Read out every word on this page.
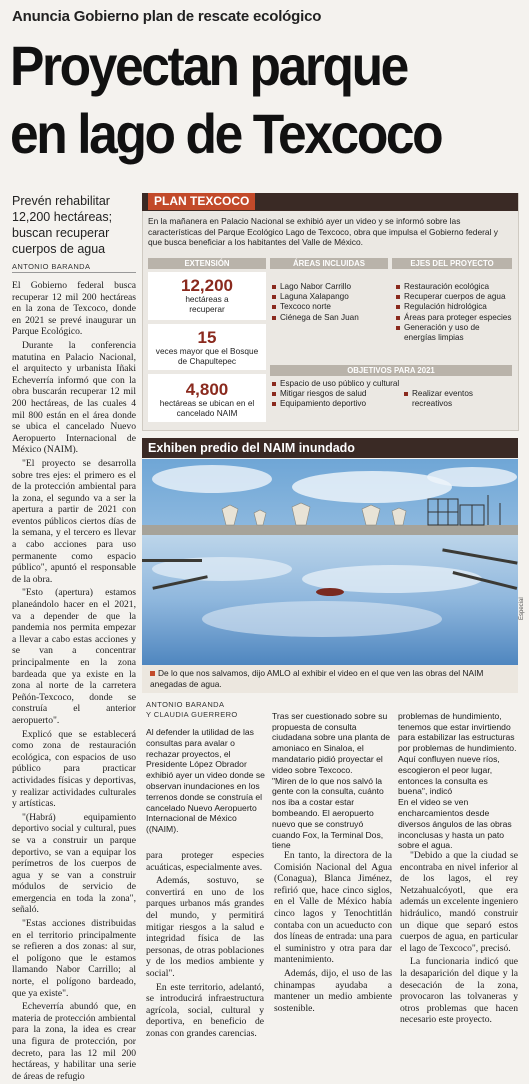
Anuncia Gobierno plan de rescate ecológico
Proyectan parque
en lago de Texcoco
Prevén rehabilitar 12,200 hectáreas; buscan recuperar cuerpos de agua
ANTONIO BARANDA

El Gobierno federal busca recuperar 12 mil 200 hectáreas en la zona de Texcoco, donde en 2021 se prevé inaugurar un Parque Ecológico.

Durante la conferencia matutina en Palacio Nacional, el arquitecto y urbanista Iñaki Echeverría informó que con la obra buscarán recuperar 12 mil 200 hectáreas, de las cuales 4 mil 800 están en el área donde se ubica el cancelado Nuevo Aeropuerto Internacional de México (NAIM).

"El proyecto se desarrolla sobre tres ejes: el primero es el de la protección ambiental para la zona, el segundo va a ser la apertura a partir de 2021 con eventos públicos ciertos días de la semana, y el tercero es llevar a cabo acciones para uso permanente como espacio público", apuntó el responsable de la obra.

"Esto (apertura) estamos planeándolo hacer en el 2021, va a depender de que la pandemia nos permita empezar a llevar a cabo estas acciones y se van a concentrar principalmente en la zona bardeada que ya existe en la zona al norte de la carretera Peñón-Texcoco, donde se construía el anterior aeropuerto".

Explicó que se establecerá como zona de restauración ecológica, con espacios de uso público para practicar actividades físicas y deportivas, y realizar actividades culturales y artísticas.

"(Habrá) equipamiento deportivo social y cultural, pues se va a construir un parque deportivo, se van a equipar los perímetros de los cuerpos de agua y se van a construir módulos de servicio de emergencia en toda la zona", señaló.

"Estas acciones distribuidas en el territorio principalmente se refieren a dos zonas: al sur, el polígono que le estamos llamando Nabor Carrillo; al norte, el polígono bardeado, que ya existe".

Echeverría abundó que, en materia de protección ambiental para la zona, la idea es crear una figura de protección, por decreto, para las 12 mil 200 hectáreas, y habilitar una serie de áreas de refugio

PLAN TEXCOCO
En la mañanera en Palacio Nacional se exhibió ayer un video y se informó sobre las características del Parque Ecológico Lago de Texcoco, obra que impulsa el Gobierno federal y que busca beneficiar a los habitantes del Valle de México.
EXTENSIÓN	ÁREAS INCLUIDAS	EJES DEL PROYECTO
12,200
hectáreas a recuperar
15
veces mayor que el Bosque de Chapultepec
4,800
hectáreas se ubican en el cancelado NAIM
Lago Nabor Carrillo
Laguna Xalapango
Texcoco norte
Ciénega de San Juan
Restauración ecológica
Recuperar cuerpos de agua
Regulación hidrológica
Áreas para proteger especies
Generación y uso de energías limpias
OBJETIVOS PARA 2021
Espacio de uso público y cultural
Mitigar riesgos de salud
Equipamiento deportivo
Realizar eventos recreativos
Exhiben predio del NAIM inundado
Especial
De lo que nos salvamos, dijo AMLO al exhibir el video en el que ven las obras del NAIM anegadas de agua.
ANTONIO BARANDA
Y CLAUDIA GUERRERO

Al defender la utilidad de las consultas para avalar o rechazar proyectos, el Presidente López Obrador exhibió ayer un video donde se observan inundaciones en los terrenos donde se construía el cancelado Nuevo Aeropuerto Internacional de México ((NAIM).

Tras ser cuestionado sobre su propuesta de consulta ciudadana sobre una planta de amoniaco en Sinaloa, el mandatario pidió proyectar el video sobre Texcoco.
"Miren de lo que nos salvó la gente con la consulta, cuánto nos iba a costar estar bombeando. El aeropuerto nuevo que se construyó cuando Fox, la Terminal Dos, tiene

problemas de hundimiento, tenemos que estar invirtiendo para estabilizar las estructuras por problemas de hundimiento. Aquí confluyen nueve ríos, escogieron el peor lugar, entonces la consulta es buena", indicó
En el video se ven encharcamientos desde diversos ángulos de las obras inconclusas y hasta un pato sobre el agua.

para proteger especies acuáticas, especialmente aves.

Además, sostuvo, se convertirá en uno de los parques urbanos más grandes del mundo, y permitirá mitigar riesgos a la salud e integridad física de las personas, de otras poblaciones y de los medios ambiente y social".

En este territorio, adelantó, se introducirá infraestructura agrícola, social, cultural y deportiva, en beneficio de zonas con grandes carencias.

En tanto, la directora de la Comisión Nacional del Agua (Conagua), Blanca Jiménez, refirió que, hace cinco siglos, en el Valle de México había cinco lagos y Tenochtitlán contaba con un acueducto con dos líneas de entrada: una para el suministro y otra para dar mantenimiento.

Además, dijo, el uso de las chinampas ayudaba a mantener un medio ambiente sostenible.

"Debido a que la ciudad se encontraba en nivel inferior al de los lagos, el rey Netzahualcóyotl, que era además un excelente ingeniero hidráulico, mandó construir un dique que separó estos cuerpos de agua, en particular el lago de Texcoco", precisó.

La funcionaria indicó que la desaparición del dique y la desecación de la zona, provocaron las tolvaneras y otros problemas que hacen necesario este proyecto.
